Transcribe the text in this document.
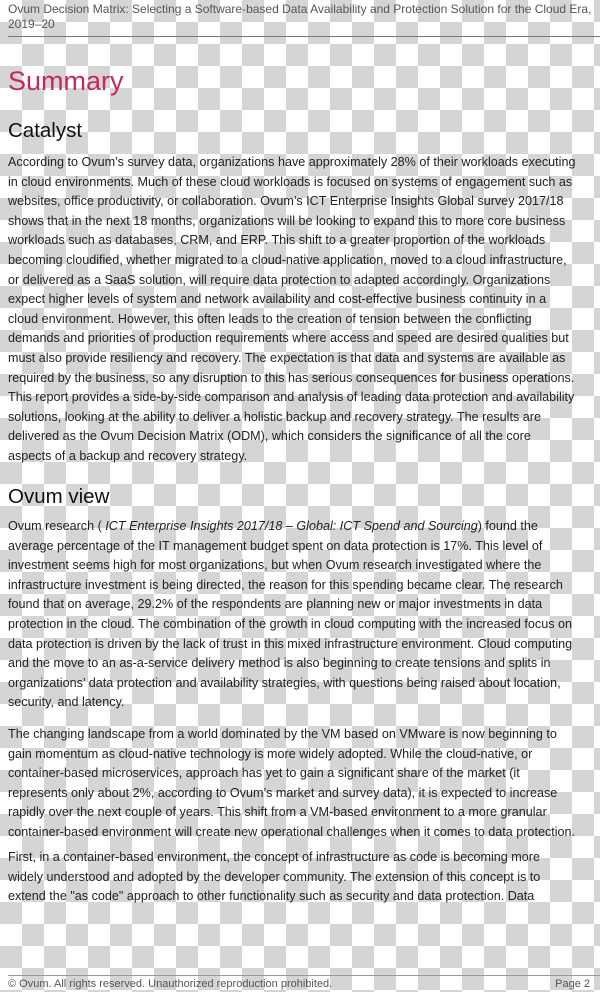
Ovum Decision Matrix: Selecting a Software-based Data Availability and Protection Solution for the Cloud Era,
2019–20
Summary
Catalyst
According to Ovum’s survey data, organizations have approximately 28% of their workloads executing
in cloud environments. Much of these cloud workloads is focused on systems of engagement such as
websites, office productivity, or collaboration. Ovum’s ICT Enterprise Insights Global survey 2017/18
shows that in the next 18 months, organizations will be looking to expand this to more core business
workloads such as databases, CRM, and ERP. This shift to a greater proportion of the workloads
becoming cloudified, whether migrated to a cloud-native application, moved to a cloud infrastructure,
or delivered as a SaaS solution, will require data protection to adapted accordingly. Organizations
expect higher levels of system and network availability and cost-effective business continuity in a
cloud environment. However, this often leads to the creation of tension between the conflicting
demands and priorities of production requirements where access and speed are desired qualities but
must also provide resiliency and recovery. The expectation is that data and systems are available as
required by the business, so any disruption to this has serious consequences for business operations.
This report provides a side-by-side comparison and analysis of leading data protection and availability
solutions, looking at the ability to deliver a holistic backup and recovery strategy. The results are
delivered as the Ovum Decision Matrix (ODM), which considers the significance of all the core
aspects of a backup and recovery strategy.
Ovum view
Ovum research ( ICT Enterprise Insights 2017/18 – Global: ICT Spend and Sourcing) found the
average percentage of the IT management budget spent on data protection is 17%. This level of
investment seems high for most organizations, but when Ovum research investigated where the
infrastructure investment is being directed, the reason for this spending became clear. The research
found that on average, 29.2% of the respondents are planning new or major investments in data
protection in the cloud. The combination of the growth in cloud computing with the increased focus on
data protection is driven by the lack of trust in this mixed infrastructure environment. Cloud computing
and the move to an as-a-service delivery method is also beginning to create tensions and splits in
organizations’ data protection and availability strategies, with questions being raised about location,
security, and latency.
The changing landscape from a world dominated by the VM based on VMware is now beginning to
gain momentum as cloud-native technology is more widely adopted. While the cloud-native, or
container-based microservices, approach has yet to gain a significant share of the market (it
represents only about 2%, according to Ovum’s market and survey data), it is expected to increase
rapidly over the next couple of years. This shift from a VM-based environment to a more granular
container-based environment will create new operational challenges when it comes to data protection.
First, in a container-based environment, the concept of infrastructure as code is becoming more
widely understood and adopted by the developer community. The extension of this concept is to
extend the "as code" approach to other functionality such as security and data protection. Data
© Ovum. All rights reserved. Unauthorized reproduction prohibited.	Page 2
